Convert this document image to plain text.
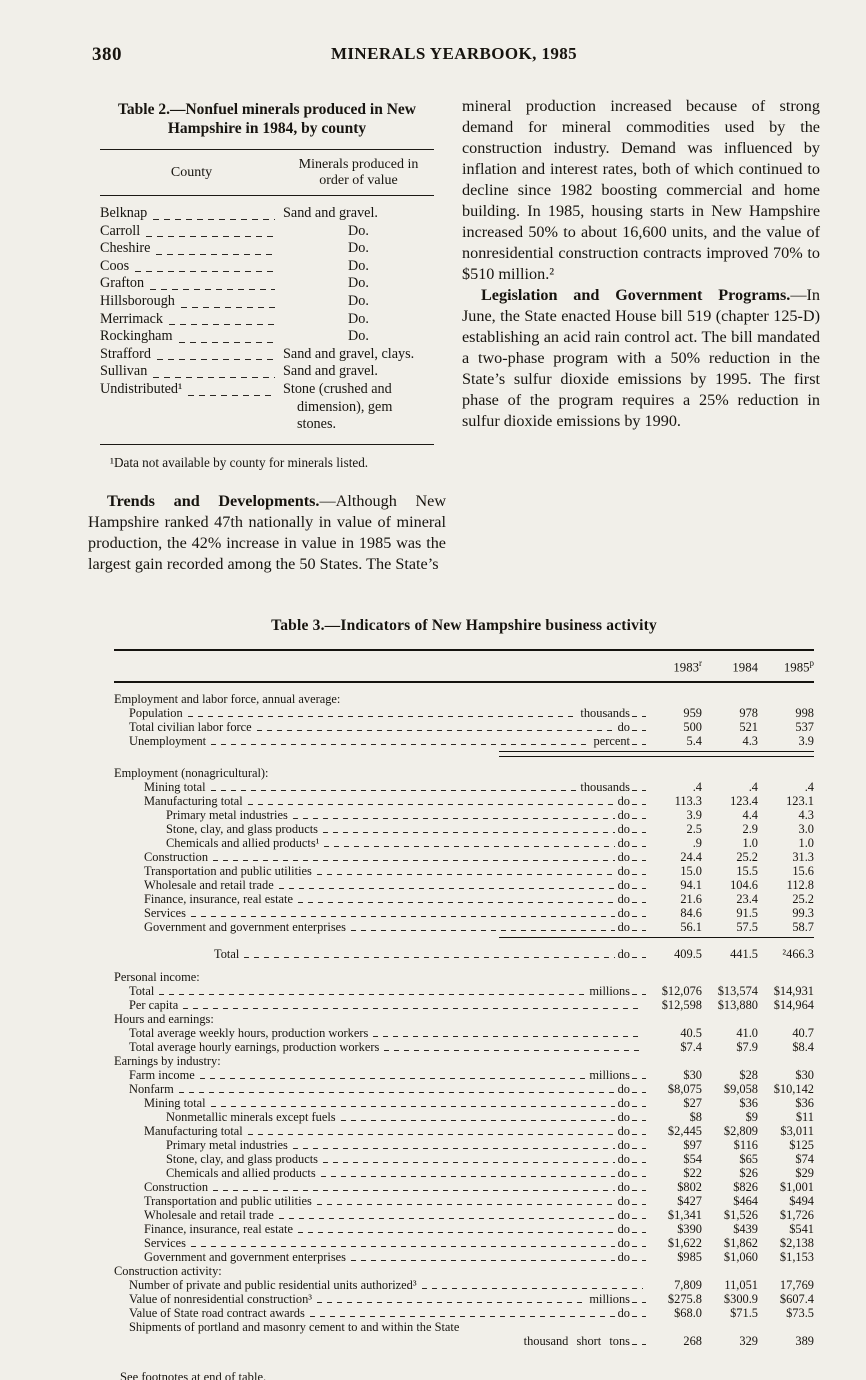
380	MINERALS YEARBOOK, 1985
Table 2.—Nonfuel minerals produced in New Hampshire in 1984, by county
County
Minerals produced in order of value
Belknap	Sand and gravel.
Carroll	Do.
Cheshire	Do.
Coos	Do.
Grafton	Do.
Hillsborough	Do.
Merrimack	Do.
Rockingham	Do.
Strafford	Sand and gravel, clays.
Sullivan	Sand and gravel.
Undistributed¹	Stone (crushed and dimension), gem stones.
¹Data not available by county for minerals listed.

Trends and Developments.—Although New Hampshire ranked 47th nationally in value of mineral production, the 42% increase in value in 1985 was the largest gain recorded among the 50 States. The State’s

mineral production increased because of strong demand for mineral commodities used by the construction industry. Demand was influenced by inflation and interest rates, both of which continued to decline since 1982 boosting commercial and home building. In 1985, housing starts in New Hampshire increased 50% to about 16,600 units, and the value of nonresidential construction contracts improved 70% to $510 million.²

Legislation and Government Programs.—In June, the State enacted House bill 519 (chapter 125-D) establishing an acid rain control act. The bill mandated a two-phase program with a 50% reduction in the State’s sulfur dioxide emissions by 1995. The first phase of the program requires a 25% reduction in sulfur dioxide emissions by 1990.

Table 3.—Indicators of New Hampshire business activity
1983$^r$	1984	1985$^p$
Employment and labor force, annual average:
Population	thousands	959	978	998
Total civilian labor force	do	500	521	537
Unemployment	percent	5.4	4.3	3.9
Employment (nonagricultural):
Mining total	thousands	.4	.4	.4
Manufacturing total	do	113.3	123.4	123.1
Primary metal industries	do	3.9	4.4	4.3
Stone, clay, and glass products	do	2.5	2.9	3.0
Chemicals and allied products¹	do	.9	1.0	1.0
Construction	do	24.4	25.2	31.3
Transportation and public utilities	do	15.0	15.5	15.6
Wholesale and retail trade	do	94.1	104.6	112.8
Finance, insurance, real estate	do	21.6	23.4	25.2
Services	do	84.6	91.5	99.3
Government and government enterprises	do	56.1	57.5	58.7
Total	do	409.5	441.5	²466.3
Personal income:
Total	millions	$12,076	$13,574	$14,931
Per capita	$12,598	$13,880	$14,964
Hours and earnings:
Total average weekly hours, production workers	40.5	41.0	40.7
Total average hourly earnings, production workers	$7.4	$7.9	$8.4
Earnings by industry:
Farm income	millions	$30	$28	$30
Nonfarm	do	$8,075	$9,058	$10,142
Mining total	do	$27	$36	$36
Nonmetallic minerals except fuels	do	$8	$9	$11
Manufacturing total	do	$2,445	$2,809	$3,011
Primary metal industries	do	$97	$116	$125
Stone, clay, and glass products	do	$54	$65	$74
Chemicals and allied products	do	$22	$26	$29
Construction	do	$802	$826	$1,001
Transportation and public utilities	do	$427	$464	$494
Wholesale and retail trade	do	$1,341	$1,526	$1,726
Finance, insurance, real estate	do	$390	$439	$541
Services	do	$1,622	$1,862	$2,138
Government and government enterprises	do	$985	$1,060	$1,153
Construction activity:
Number of private and public residential units authorized³	7,809	11,051	17,769
Value of nonresidential construction³	millions	$275.8	$300.9	$607.4
Value of State road contract awards	do	$68.0	$71.5	$73.5
Shipments of portland and masonry cement to and within the State
thousand short tons	268	329	389
See footnotes at end of table.
